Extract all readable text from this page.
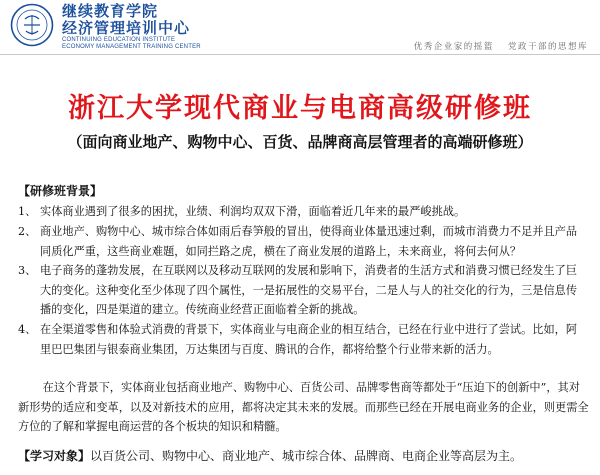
继续教育学院
经济管理培训中心
CONTINUING EDUCATION INSTITUTE
ECONOMY MANAGEMENT TRAINING CENTER	优秀企业家的摇篮 党政干部的思想库
浙江大学现代商业与电商高级研修班
（面向商业地产、购物中心、百货、品牌商高层管理者的高端研修班）
【研修班背景】
1、 实体商业遇到了很多的困扰，业绩、利润均双双下滑，面临着近几年来的最严峻挑战。
2、 商业地产、购物中心、城市综合体如雨后春笋般的冒出，使得商业体量迅速过剩，而城市消费力不足并且产品同质化严重，这些商业难题，如同拦路之虎，横在了商业发展的道路上，未来商业，将何去何从？
3、 电子商务的蓬勃发展，在互联网以及移动互联网的发展和影响下，消费者的生活方式和消费习惯已经发生了巨大的变化。这种变化至少体现了四个属性，一是拓展性的交易平台，二是人与人的社交化的行为，三是信息传播的变化，四是渠道的建立。传统商业经营正面临着全新的挑战。
4、 在全渠道零售和体验式消费的背景下，实体商业与电商企业的相互结合，已经在行业中进行了尝试。比如，阿里巴巴集团与银泰商业集团，万达集团与百度、腾讯的合作，都将给整个行业带来新的活力。
在这个背景下，实体商业包括商业地产、购物中心、百货公司、品牌零售商等都处于“压迫下的创新中”，其对新形势的适应和变革，以及对新技术的应用，都将决定其未来的发展。而那些已经在开展电商业务的企业，则更需全方位的了解和掌握电商运营的各个板块的知识和精髓。
【学习对象】以百货公司、购物中心、商业地产、城市综合体、品牌商、电商企业等高层为主。
